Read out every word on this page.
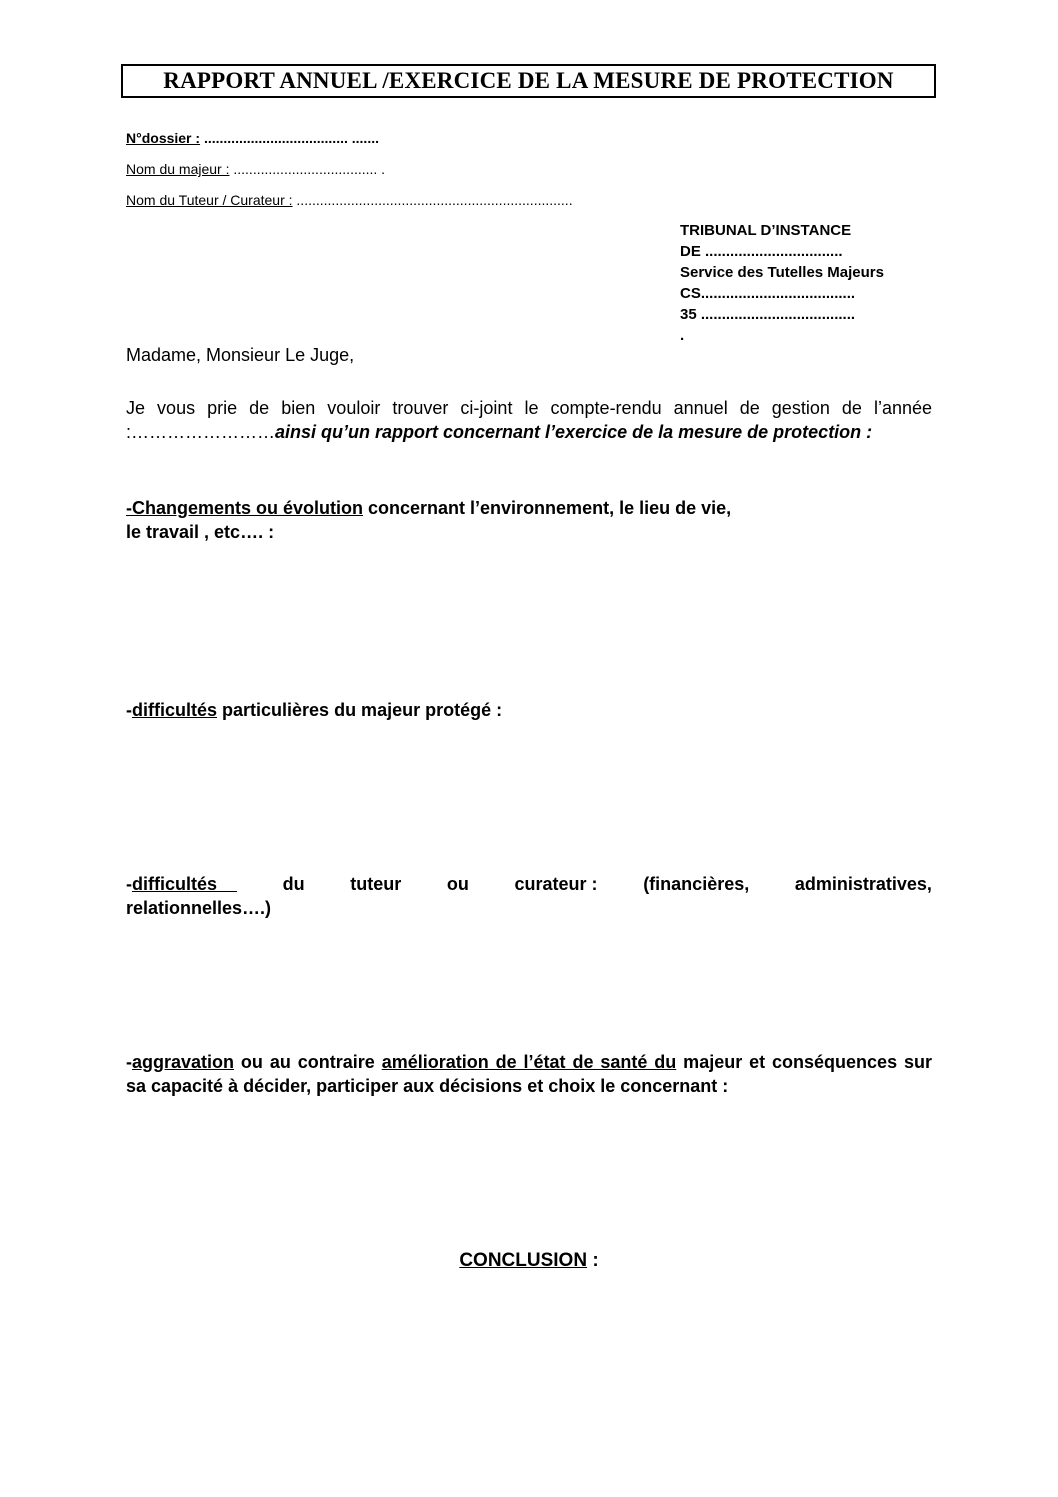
RAPPORT ANNUEL /EXERCICE DE LA MESURE DE PROTECTION
N°dossier : ..................................... .......
Nom du majeur : ..................................... .
Nom du Tuteur / Curateur : .......................................................................
TRIBUNAL D’INSTANCE
DE .................................
Service des Tutelles Majeurs
CS.....................................
35 .....................................
.
Madame, Monsieur Le Juge,
Je vous prie de bien vouloir trouver ci-joint le compte-rendu annuel de gestion de l’année :……………………ainsi qu’un rapport concernant l’exercice de la mesure de protection :
-Changements ou évolution concernant l’environnement, le lieu de vie,
le travail , etc…. :
-difficultés particulières du majeur protégé :
-difficultés	du	tuteur	ou	curateur :	(financières,	administratives,
relationnelles….)
-aggravation ou au contraire amélioration de l’état de santé du majeur et conséquences sur sa capacité à décider, participer aux décisions et choix le concernant :
CONCLUSION :
